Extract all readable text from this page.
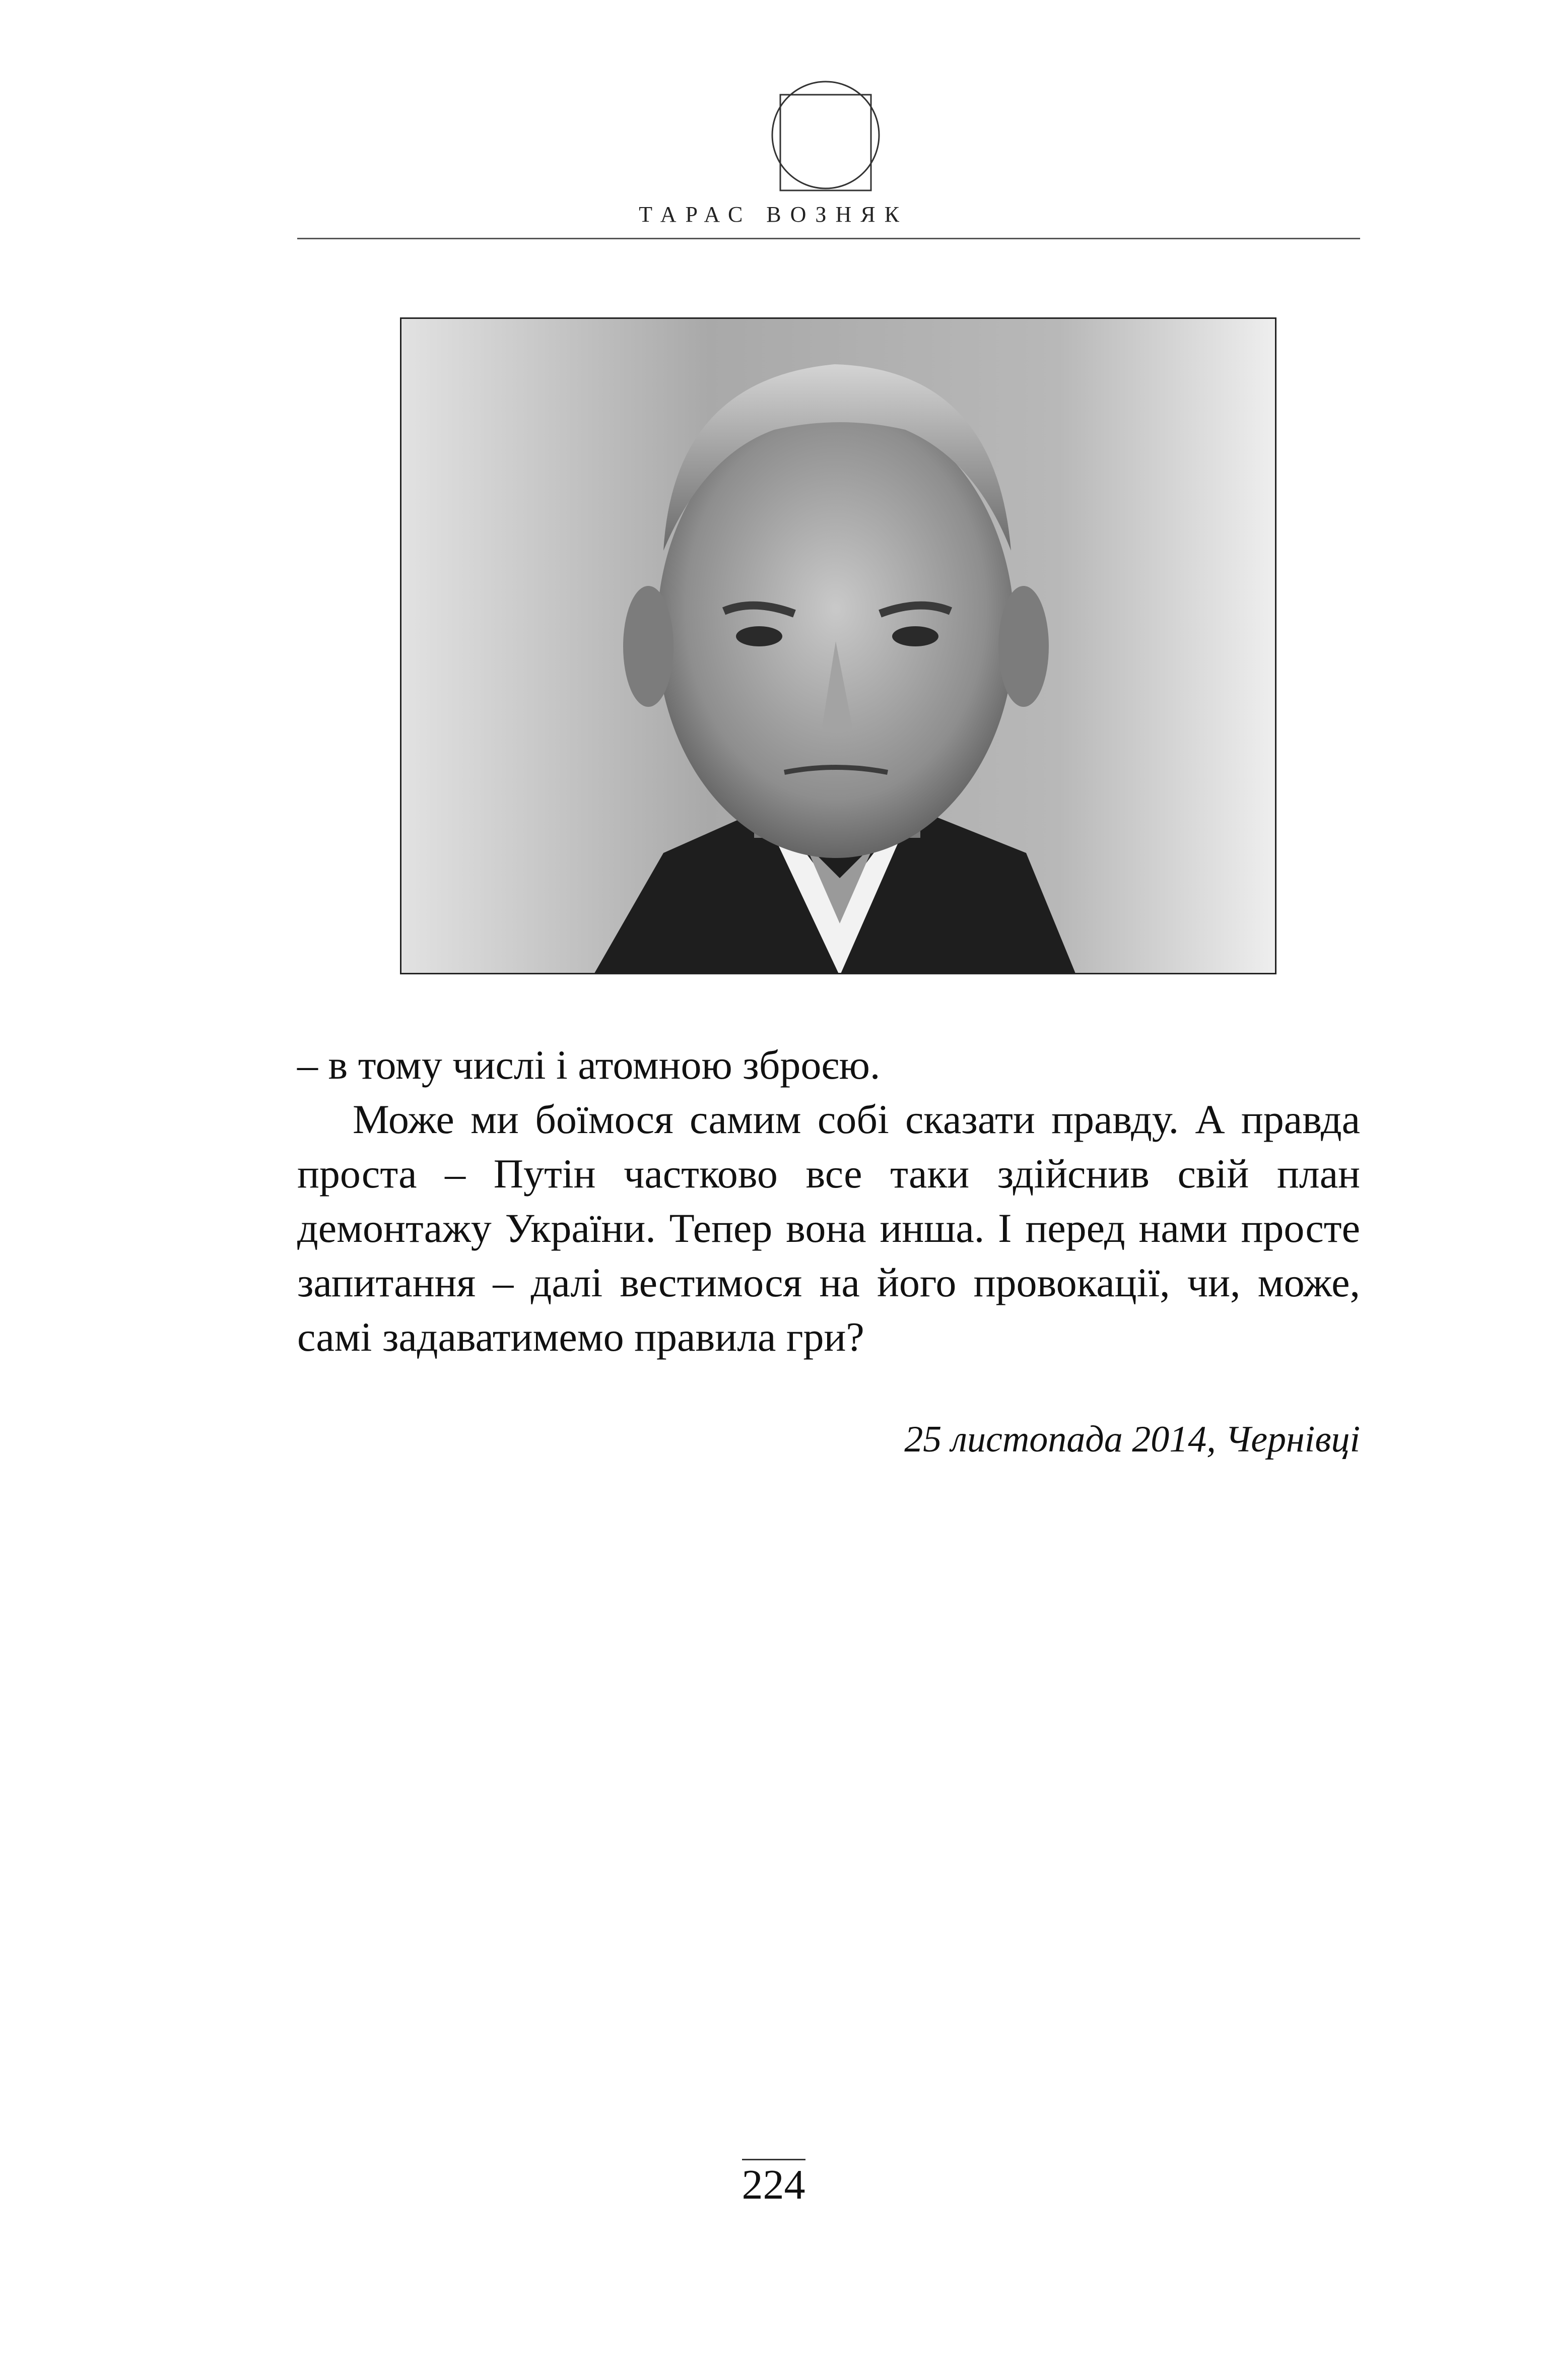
ТАРАС ВОЗНЯК
– в тому числі і атомною зброєю.
Може ми боїмося самим собі сказати правду. А правда проста – Путін частково все таки здійснив свій план демонтажу України. Тепер вона инша. І перед нами просте запитання – далі вестимося на його провокації, чи, може, самі задаватимемо правила гри?
25 листопада 2014, Чернівці
224
